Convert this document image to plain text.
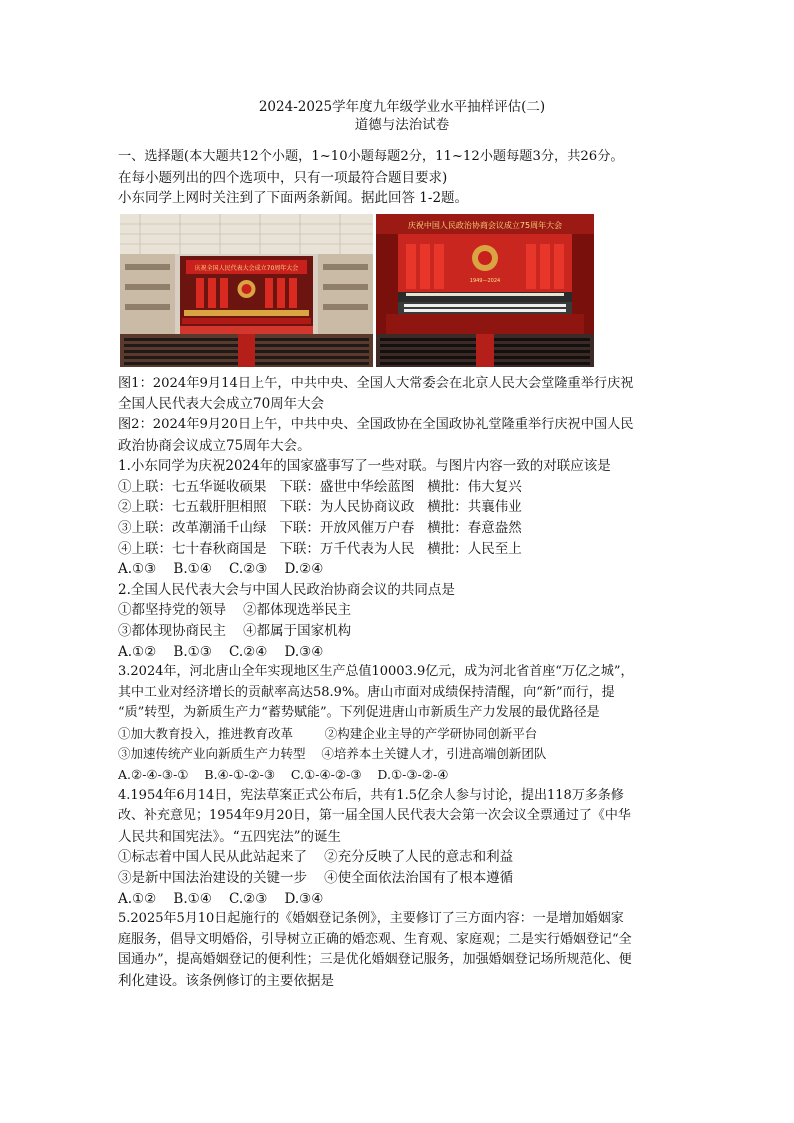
2024-2025学年度九年级学业水平抽样评估(二)
道德与法治试卷
一、选择题(本大题共12个小题，1~10小题每题2分，11~12小题每题3分，共26分。
在每小题列出的四个选项中，只有一项最符合题目要求)
小东同学上网时关注到了下面两条新闻。据此回答 1-2题。
庆祝全国人民代表大会成立70周年大会
庆祝中国人民政治协商会议成立75周年大会
1949—2024
图1：2024年9月14日上午，中共中央、全国人大常委会在北京人民大会堂隆重举行庆祝
全国人民代表大会成立70周年大会
图2：2024年9月20日上午，中共中央、全国政协在全国政协礼堂隆重举行庆祝中国人民
政治协商会议成立75周年大会。
1.小东同学为庆祝2024年的国家盛事写了一些对联。与图片内容一致的对联应该是
①上联：七五华诞收硕果   下联：盛世中华绘蓝图   横批：伟大复兴
②上联：七五载肝胆相照   下联：为人民协商议政   横批：共襄伟业
③上联：改革潮涌千山绿   下联：开放风催万户春   横批：春意盎然
④上联：七十春秋商国是   下联：万千代表为人民   横批：人民至上
A.①③    B.①④    C.②③    D.②④
2.全国人民代表大会与中国人民政治协商会议的共同点是
①都坚持党的领导    ②都体现选举民主
③都体现协商民主    ④都属于国家机构
A.①②    B.①③    C.②④    D.③④
3.2024年，河北唐山全年实现地区生产总值10003.9亿元，成为河北省首座“万亿之城”，
其中工业对经济增长的贡献率高达58.9%。唐山市面对成绩保持清醒，向“新”而行，提
“质”转型，为新质生产力“蓄势赋能”。下列促进唐山市新质生产力发展的最优路径是
①加大教育投入，推进教育改革        ②构建企业主导的产学研协同创新平台
③加速传统产业向新质生产力转型    ④培养本土关键人才，引进高端创新团队
A.②-④-③-①    B.④-①-②-③    C.①-④-②-③    D.①-③-②-④
4.1954年6月14日，宪法草案正式公布后，共有1.5亿余人参与讨论，提出118万多条修
改、补充意见；1954年9月20日，第一届全国人民代表大会第一次会议全票通过了《中华
人民共和国宪法》。“五四宪法”的诞生
①标志着中国人民从此站起来了    ②充分反映了人民的意志和利益
③是新中国法治建设的关键一步    ④使全面依法治国有了根本遵循
A.①②    B.①④    C.②③    D.③④
5.2025年5月10日起施行的《婚姻登记条例》，主要修订了三方面内容：一是增加婚姻家
庭服务，倡导文明婚俗，引导树立正确的婚恋观、生育观、家庭观；二是实行婚姻登记“全
国通办”，提高婚姻登记的便利性；三是优化婚姻登记服务，加强婚姻登记场所规范化、便
利化建设。该条例修订的主要依据是
